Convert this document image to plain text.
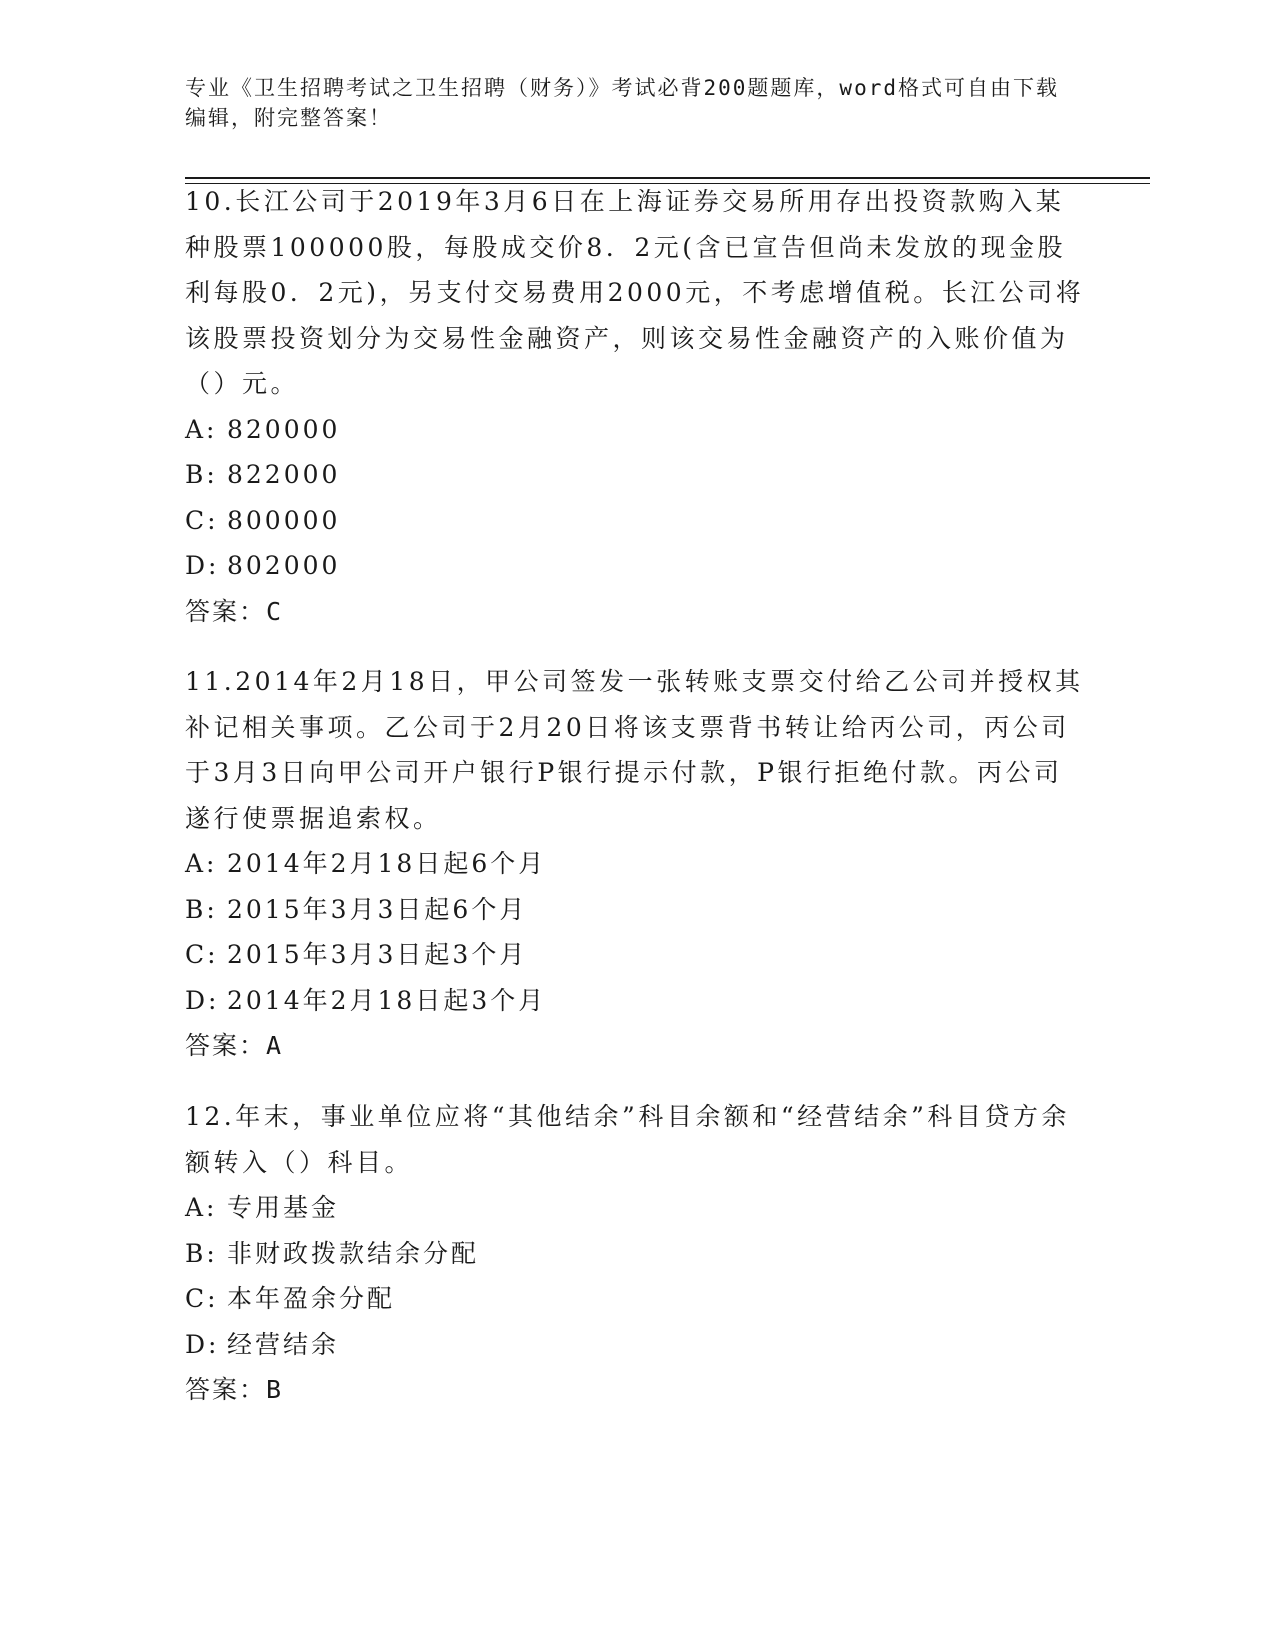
专业《卫生招聘考试之卫生招聘（财务）》考试必背200题题库，word格式可自由下载编辑，附完整答案！

10.长江公司于2019年3月6日在上海证券交易所用存出投资款购入某种股票100000股，每股成交价8．2元(含已宣告但尚未发放的现金股利每股0．2元)，另支付交易费用2000元，不考虑增值税。长江公司将该股票投资划分为交易性金融资产，则该交易性金融资产的入账价值为（）元。

A: 820000

B: 822000

C: 800000

D: 802000

答案：C

11.2014年2月18日，甲公司签发一张转账支票交付给乙公司并授权其补记相关事项。乙公司于2月20日将该支票背书转让给丙公司，丙公司于3月3日向甲公司开户银行P银行提示付款，P银行拒绝付款。丙公司遂行使票据追索权。

A: 2014年2月18日起6个月

B: 2015年3月3日起6个月

C: 2015年3月3日起3个月

D: 2014年2月18日起3个月

答案：A

12.年末，事业单位应将“其他结余”科目余额和“经营结余”科目贷方余额转入（）科目。

A: 专用基金

B: 非财政拨款结余分配

C: 本年盈余分配

D: 经营结余

答案：B
